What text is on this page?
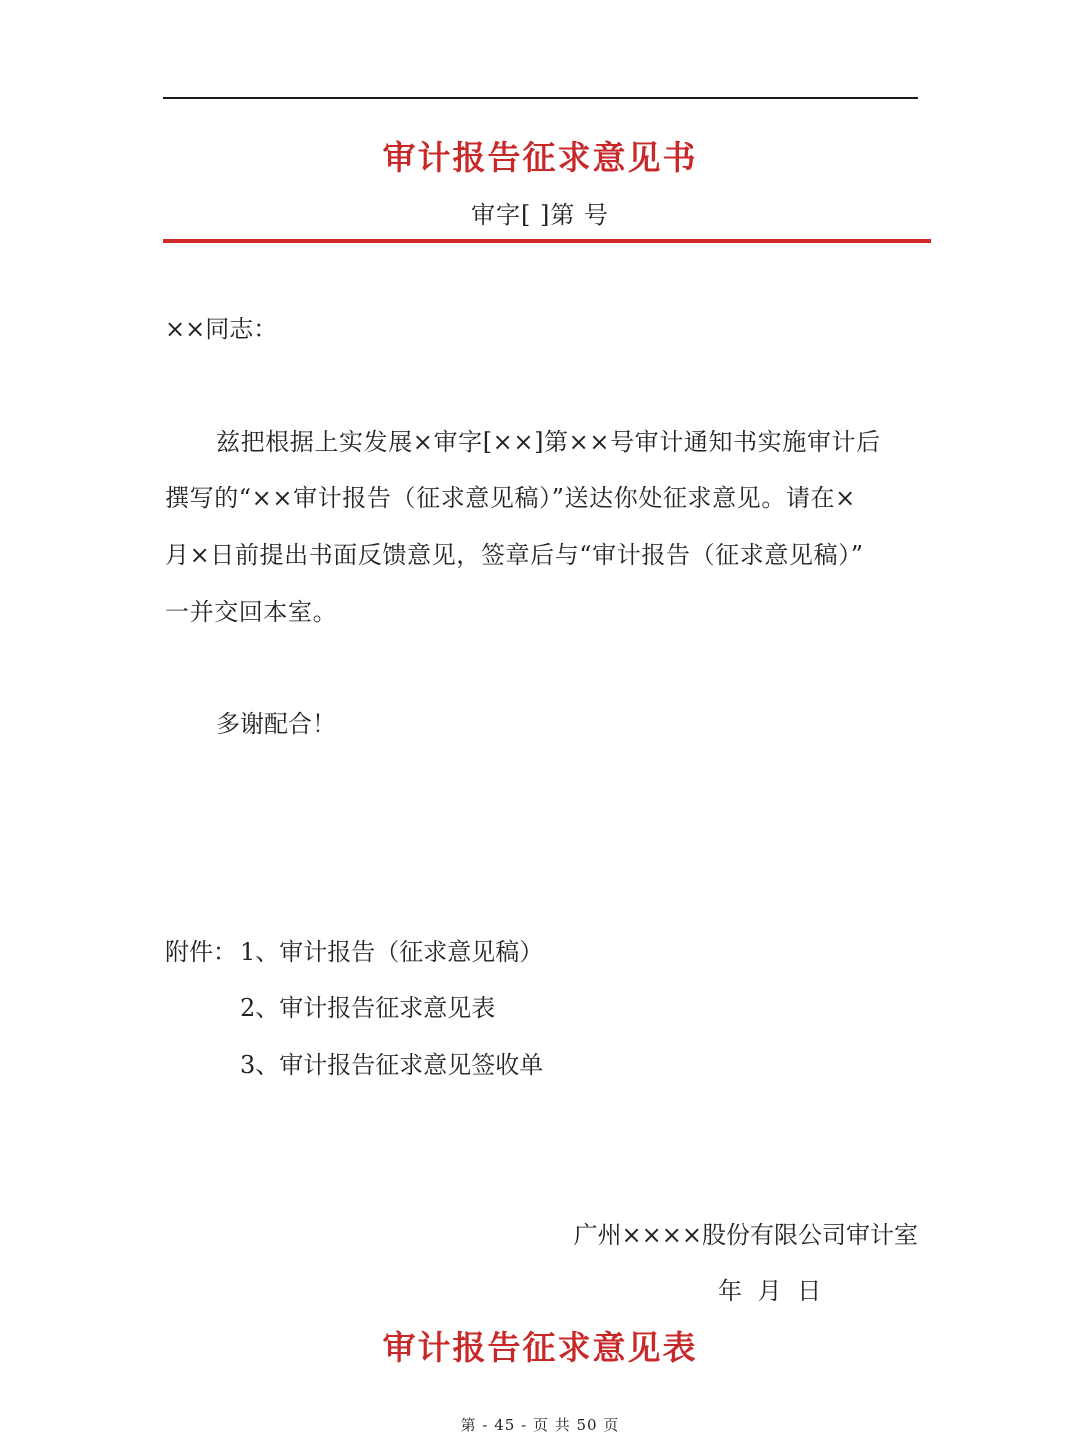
审计报告征求意见书
审字[ ]第 号
××同志：
兹把根据上实发展×审字[××]第××号审计通知书实施审计后
撰写的“××审计报告（征求意见稿）”送达你处征求意见。请在×
月×日前提出书面反馈意见，签章后与“审计报告（征求意见稿）”
一并交回本室。
多谢配合！
附件： 1、审计报告（征求意见稿）
2、审计报告征求意见表
3、审计报告征求意见签收单
广州××××股份有限公司审计室
年 月 日
审计报告征求意见表
第 - 45 - 页 共 50 页
